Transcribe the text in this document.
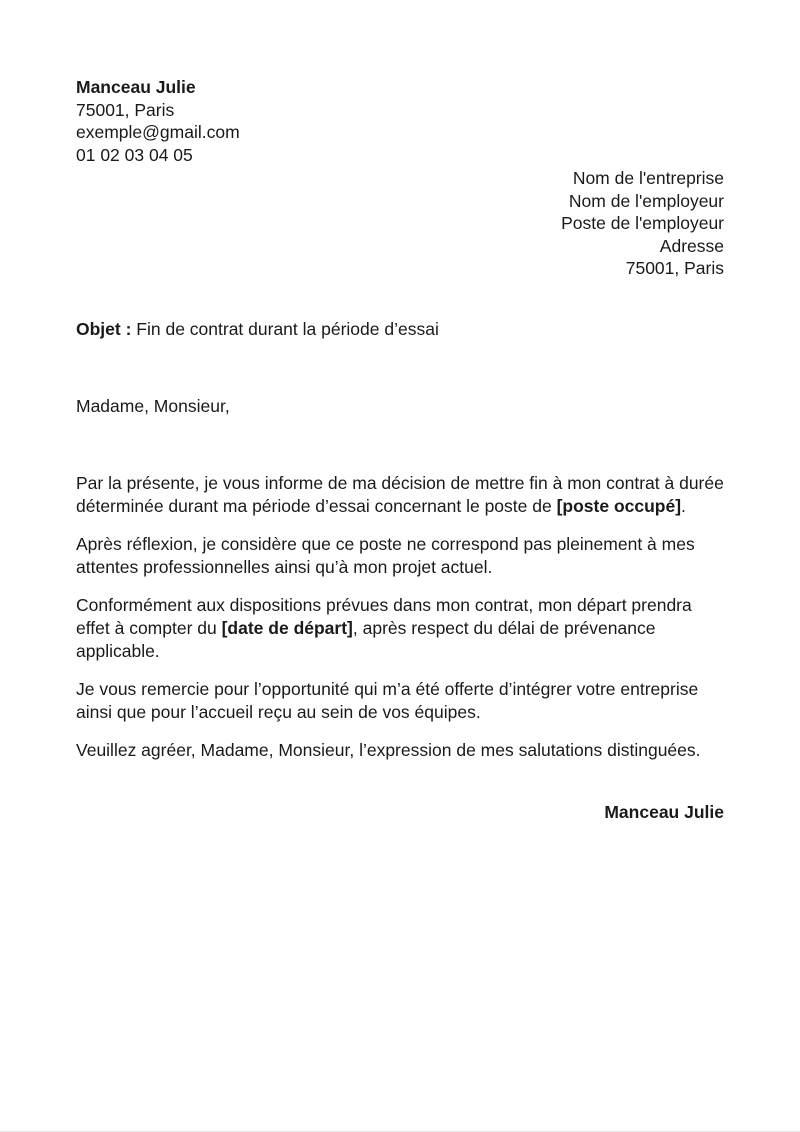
Manceau Julie
75001, Paris
exemple@gmail.com
01 02 03 04 05
Nom de l'entreprise
Nom de l'employeur
Poste de l'employeur
Adresse
75001, Paris
Objet : Fin de contrat durant la période d’essai
Madame, Monsieur,

Par la présente, je vous informe de ma décision de mettre fin à mon contrat à durée déterminée durant ma période d’essai concernant le poste de [poste occupé].

Après réflexion, je considère que ce poste ne correspond pas pleinement à mes attentes professionnelles ainsi qu’à mon projet actuel.

Conformément aux dispositions prévues dans mon contrat, mon départ prendra effet à compter du [date de départ], après respect du délai de prévenance applicable.

Je vous remercie pour l’opportunité qui m’a été offerte d’intégrer votre entreprise ainsi que pour l’accueil reçu au sein de vos équipes.

Veuillez agréer, Madame, Monsieur, l’expression de mes salutations distinguées.

Manceau Julie
